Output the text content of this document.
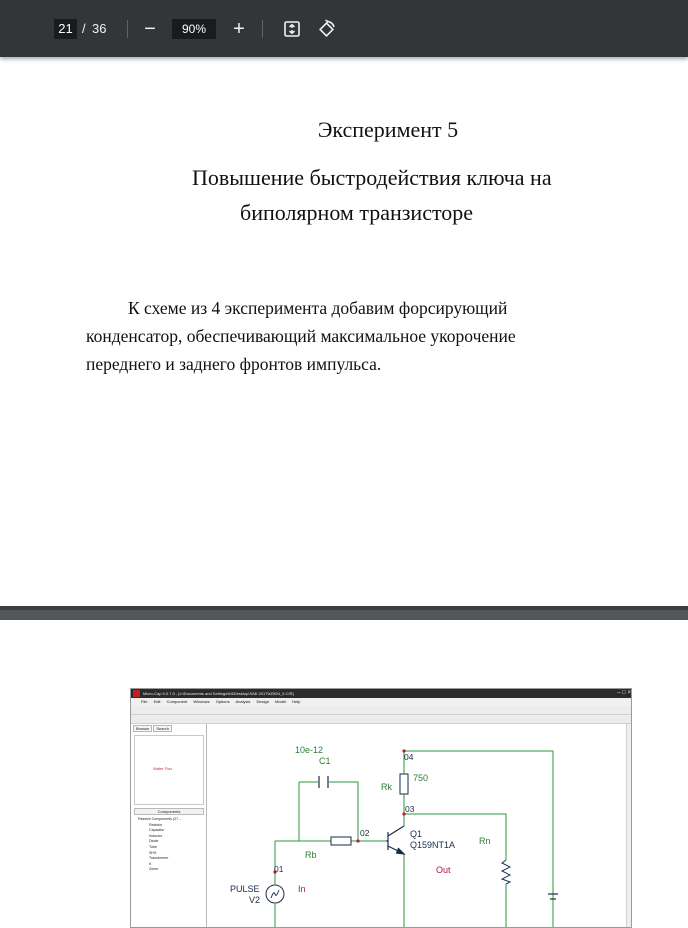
21 / 36	−	90%	+
Эксперимент 5
Повышение быстродействия ключа на
биполярном транзисторе
К схеме из 4 эксперимента добавим форсирующий
конденсатор, обеспечивающий максимальное укорочение
переднего и заднего фронтов импульса.
Micro-Cap 9.0.7.0 - [c:\Documents and Settings\Mi\Desktop\ЛАБ 2017\КЛЮЧ_5.CIR]	– □ ×
File Edit Component Windows Options Analysis Design Model Help
Browse Search
Water Flux
Components
Passive Components (27 ...
Resistor
Capacitor
Inductor
Diode
Tube
SHS
Transformer
K
Zener
10e-12
C1	04
Rk
750
03
02	Q1
Q159NT1A
Rb
Rn
01	Out
In
PULSE
V2
